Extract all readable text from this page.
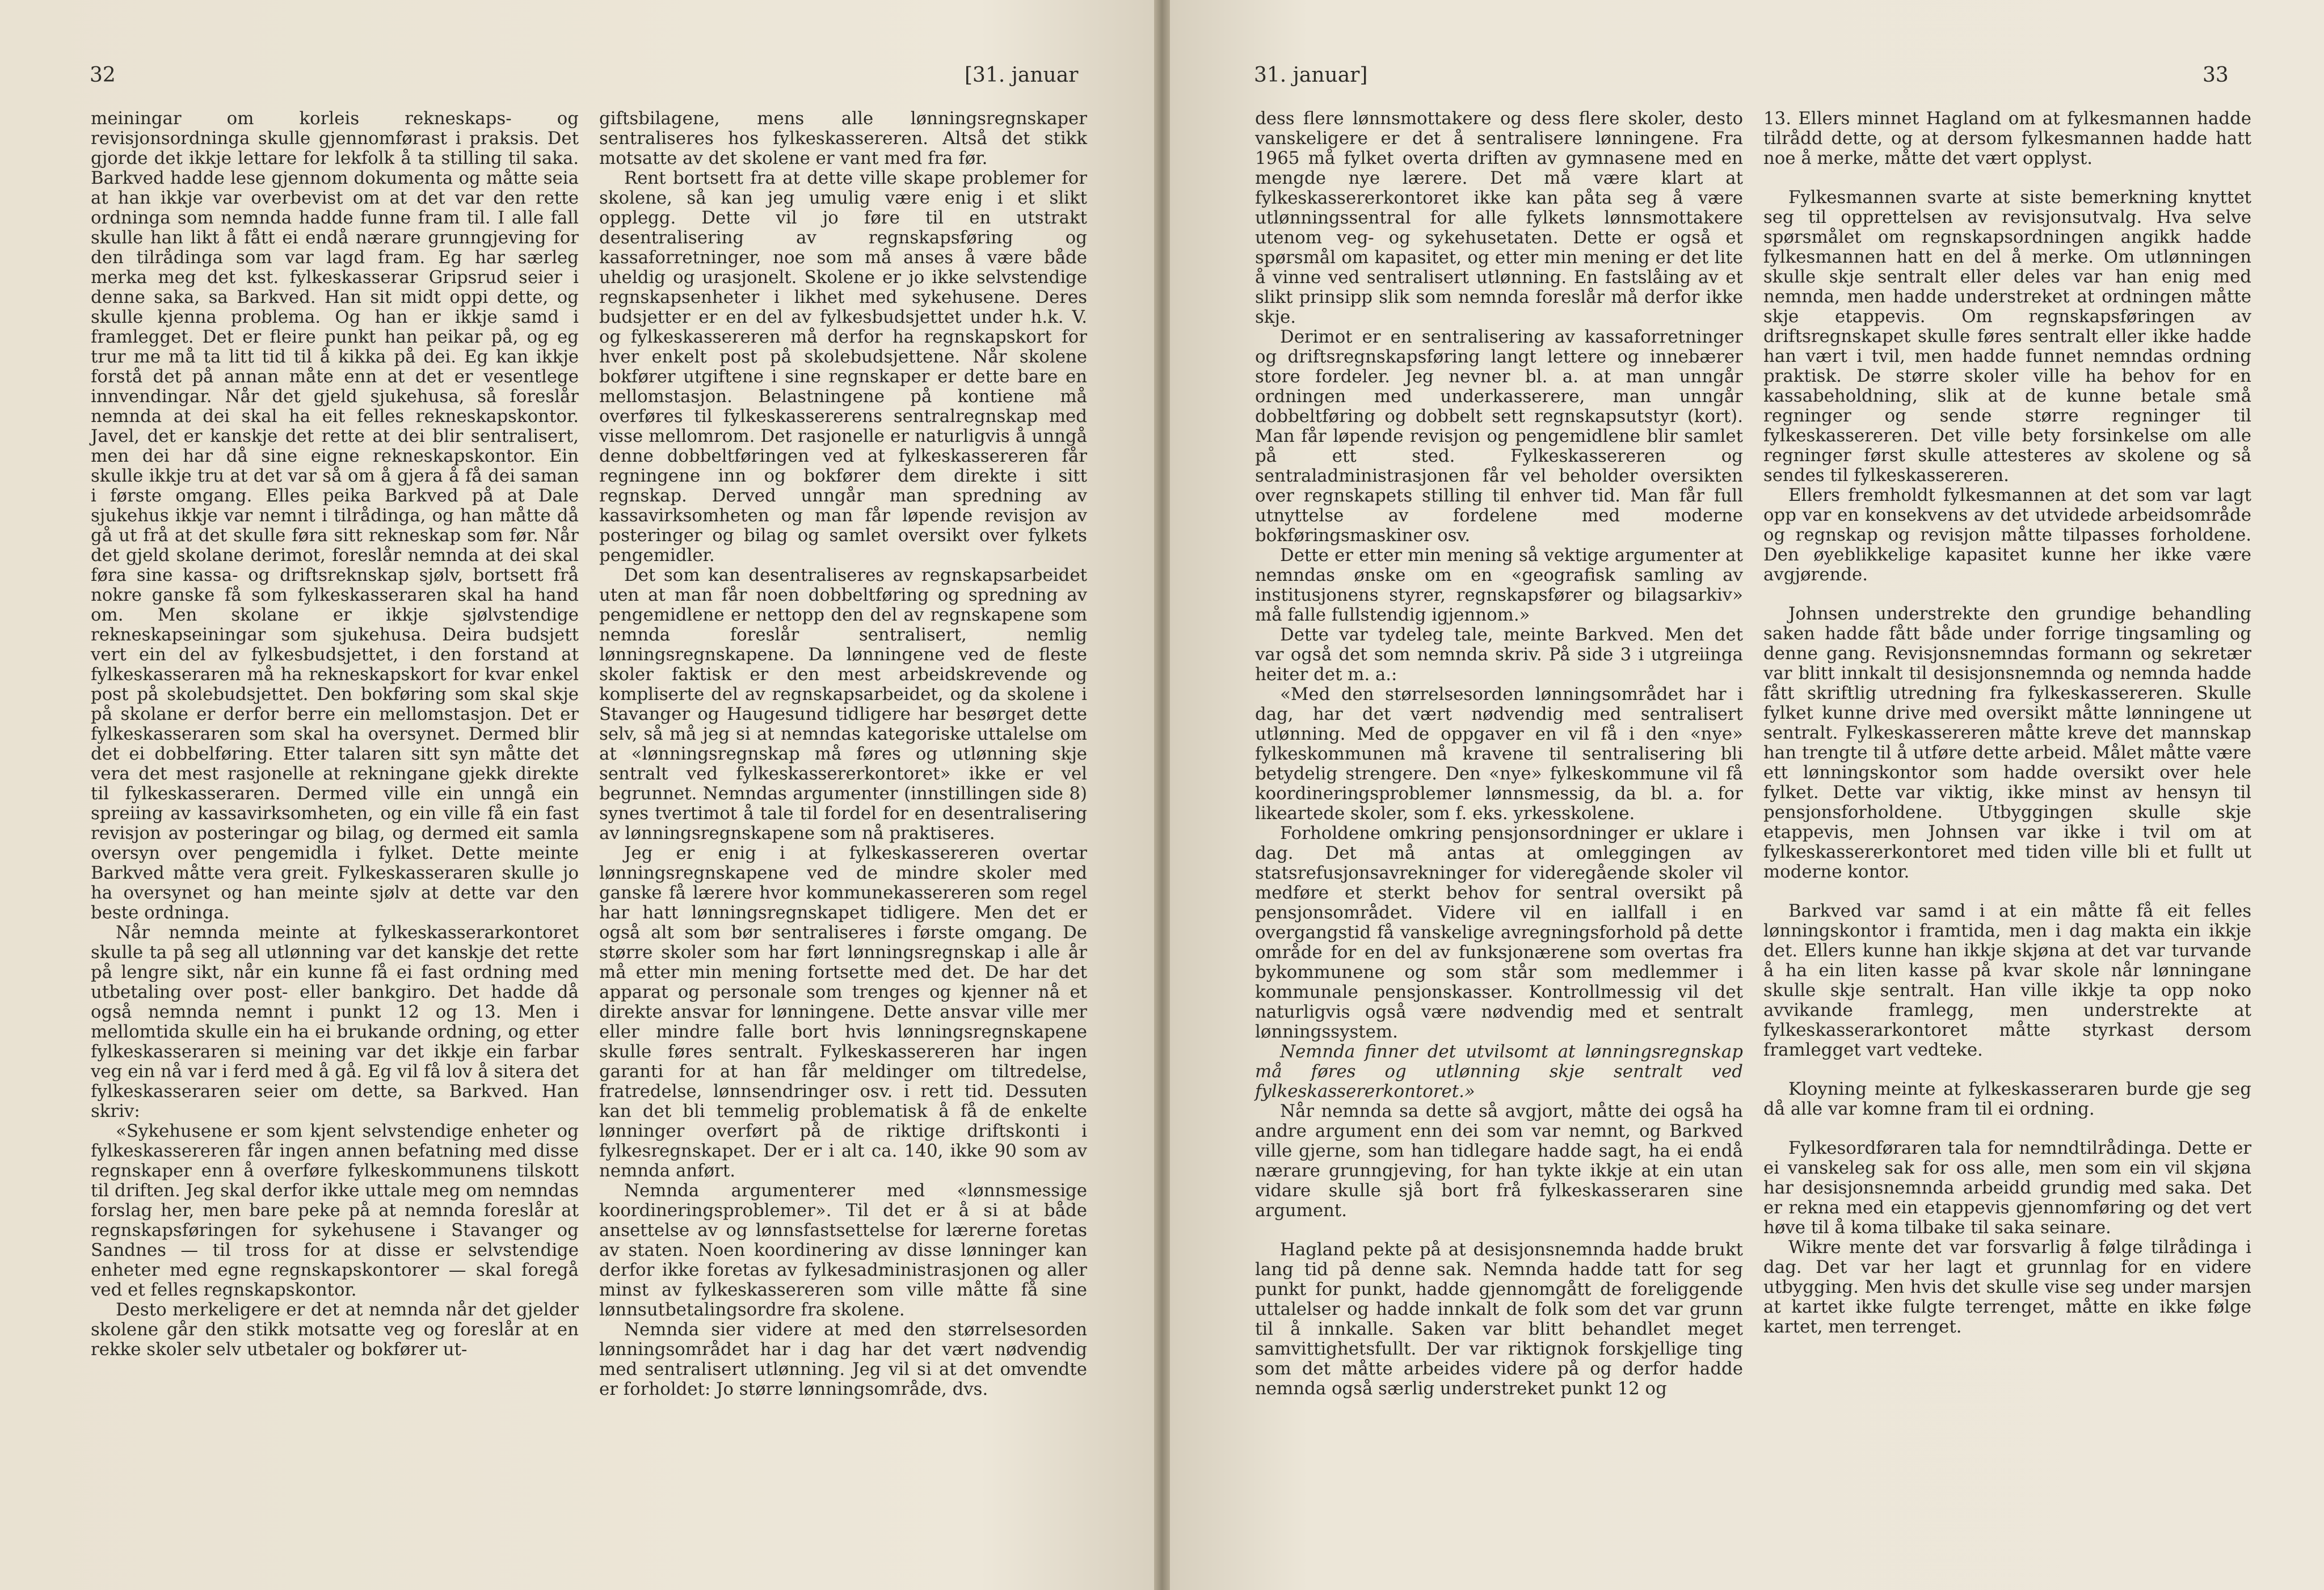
32	[31. januar

meiningar om korleis rekneskaps- og revisjonsordninga skulle gjennomførast i praksis. Det gjorde det ikkje lettare for lekfolk å ta stilling til saka. Barkved hadde lese gjennom dokumenta og måtte seia at han ikkje var overbevist om at det var den rette ordninga som nemnda hadde funne fram til. I alle fall skulle han likt å fått ei endå nærare grunngjeving for den tilrådinga som var lagd fram. Eg har særleg merka meg det kst. fylkeskasserar Gripsrud seier i denne saka, sa Barkved. Han sit midt oppi dette, og skulle kjenna problema. Og han er ikkje samd i framlegget. Det er fleire punkt han peikar på, og eg trur me må ta litt tid til å kikka på dei. Eg kan ikkje forstå det på annan måte enn at det er vesentlege innvendingar. Når det gjeld sjukehusa, så foreslår nemnda at dei skal ha eit felles rekneskapskontor. Javel, det er kanskje det rette at dei blir sentralisert, men dei har då sine eigne rekneskapskontor. Ein skulle ikkje tru at det var så om å gjera å få dei saman i første omgang. Elles peika Barkved på at Dale sjukehus ikkje var nemnt i tilrådinga, og han måtte då gå ut frå at det skulle føra sitt rekneskap som før. Når det gjeld skolane derimot, foreslår nemnda at dei skal føra sine kassa- og driftsreknskap sjølv, bortsett frå nokre ganske få som fylkeskasseraren skal ha hand om. Men skolane er ikkje sjølvstendige rekneskapseiningar som sjukehusa. Deira budsjett vert ein del av fylkesbudsjettet, i den forstand at fylkeskasseraren må ha rekneskapskort for kvar enkel post på skolebudsjettet. Den bokføring som skal skje på skolane er derfor berre ein mellomstasjon. Det er fylkeskasseraren som skal ha oversynet. Dermed blir det ei dobbelføring. Etter talaren sitt syn måtte det vera det mest rasjonelle at rekningane gjekk direkte til fylkeskasseraren. Dermed ville ein unngå ein spreiing av kassavirksomheten, og ein ville få ein fast revisjon av posteringar og bilag, og dermed eit samla oversyn over pengemidla i fylket. Dette meinte Barkved måtte vera greit. Fylkeskasseraren skulle jo ha oversynet og han meinte sjølv at dette var den beste ordninga.

Når nemnda meinte at fylkeskasserarkontoret skulle ta på seg all utlønning var det kanskje det rette på lengre sikt, når ein kunne få ei fast ordning med utbetaling over post- eller bankgiro. Det hadde då også nemnda nemnt i punkt 12 og 13. Men i mellomtida skulle ein ha ei brukande ordning, og etter fylkeskasseraren si meining var det ikkje ein farbar veg ein nå var i ferd med å gå. Eg vil få lov å sitera det fylkeskasseraren seier om dette, sa Barkved. Han skriv:

«Sykehusene er som kjent selvstendige enheter og fylkeskassereren får ingen annen befatning med disse regnskaper enn å overføre fylkeskommunens tilskott til driften. Jeg skal derfor ikke uttale meg om nemndas forslag her, men bare peke på at nemnda foreslår at regnskapsføringen for sykehusene i Stavanger og Sandnes — til tross for at disse er selvstendige enheter med egne regnskapskontorer — skal foregå ved et felles regnskapskontor.

Desto merkeligere er det at nemnda når det gjelder skolene går den stikk motsatte veg og foreslår at en rekke skoler selv utbetaler og bokfører ut-

giftsbilagene, mens alle lønningsregnskaper sentraliseres hos fylkeskassereren. Altså det stikk motsatte av det skolene er vant med fra før.

Rent bortsett fra at dette ville skape problemer for skolene, så kan jeg umulig være enig i et slikt opplegg. Dette vil jo føre til en utstrakt desentralisering av regnskapsføring og kassaforretninger, noe som må anses å være både uheldig og urasjonelt. Skolene er jo ikke selvstendige regnskapsenheter i likhet med sykehusene. Deres budsjetter er en del av fylkesbudsjettet under h.k. V. og fylkeskassereren må derfor ha regnskapskort for hver enkelt post på skolebudsjettene. Når skolene bokfører utgiftene i sine regnskaper er dette bare en mellomstasjon. Belastningene på kontiene må overføres til fylkeskassererens sentralregnskap med visse mellomrom. Det rasjonelle er naturligvis å unngå denne dobbeltføringen ved at fylkeskassereren får regningene inn og bokfører dem direkte i sitt regnskap. Derved unngår man spredning av kassavirksomheten og man får løpende revisjon av posteringer og bilag og samlet oversikt over fylkets pengemidler.

Det som kan desentraliseres av regnskapsarbeidet uten at man får noen dobbeltføring og spredning av pengemidlene er nettopp den del av regnskapene som nemnda foreslår sentralisert, nemlig lønningsregnskapene. Da lønningene ved de fleste skoler faktisk er den mest arbeidskrevende og kompliserte del av regnskapsarbeidet, og da skolene i Stavanger og Haugesund tidligere har besørget dette selv, så må jeg si at nemndas kategoriske uttalelse om at «lønningsregnskap må føres og utlønning skje sentralt ved fylkeskassererkontoret» ikke er vel begrunnet. Nemndas argumenter (innstillingen side 8) synes tvertimot å tale til fordel for en desentralisering av lønningsregnskapene som nå praktiseres.

Jeg er enig i at fylkeskassereren overtar lønningsregnskapene ved de mindre skoler med ganske få lærere hvor kommunekassereren som regel har hatt lønningsregnskapet tidligere. Men det er også alt som bør sentraliseres i første omgang. De større skoler som har ført lønningsregnskap i alle år må etter min mening fortsette med det. De har det apparat og personale som trenges og kjenner nå et direkte ansvar for lønningene. Dette ansvar ville mer eller mindre falle bort hvis lønningsregnskapene skulle føres sentralt. Fylkeskassereren har ingen garanti for at han får meldinger om tiltredelse, fratredelse, lønnsendringer osv. i rett tid. Dessuten kan det bli temmelig problematisk å få de enkelte lønninger overført på de riktige driftskonti i fylkesregnskapet. Der er i alt ca. 140, ikke 90 som av nemnda anført.

Nemnda argumenterer med «lønnsmessige koordineringsproblemer». Til det er å si at både ansettelse av og lønnsfastsettelse for lærerne foretas av staten. Noen koordinering av disse lønninger kan derfor ikke foretas av fylkesadministrasjonen og aller minst av fylkeskassereren som ville måtte få sine lønnsutbetalingsordre fra skolene.

Nemnda sier videre at med den størrelsesorden lønningsområdet har i dag har det vært nødvendig med sentralisert utlønning. Jeg vil si at det omvendte er forholdet: Jo større lønningsområde, dvs.

31. januar]	33

dess flere lønnsmottakere og dess flere skoler, desto vanskeligere er det å sentralisere lønningene. Fra 1965 må fylket overta driften av gymnasene med en mengde nye lærere. Det må være klart at fylkeskassererkontoret ikke kan påta seg å være utlønningssentral for alle fylkets lønnsmottakere utenom veg- og sykehusetaten. Dette er også et spørsmål om kapasitet, og etter min mening er det lite å vinne ved sentralisert utlønning. En fastslåing av et slikt prinsipp slik som nemnda foreslår må derfor ikke skje.

Derimot er en sentralisering av kassaforretninger og driftsregnskapsføring langt lettere og innebærer store fordeler. Jeg nevner bl. a. at man unngår ordningen med underkasserere, man unngår dobbeltføring og dobbelt sett regnskapsutstyr (kort). Man får løpende revisjon og pengemidlene blir samlet på ett sted. Fylkeskassereren og sentraladministrasjonen får vel beholder oversikten over regnskapets stilling til enhver tid. Man får full utnyttelse av fordelene med moderne bokføringsmaskiner osv.

Dette er etter min mening så vektige argumenter at nemndas ønske om en «geografisk samling av institusjonens styrer, regnskapsfører og bilagsarkiv» må falle fullstendig igjennom.»

Dette var tydeleg tale, meinte Barkved. Men det var også det som nemnda skriv. På side 3 i utgreiinga heiter det m. a.:

«Med den størrelsesorden lønningsområdet har i dag, har det vært nødvendig med sentralisert utlønning. Med de oppgaver en vil få i den «nye» fylkeskommunen må kravene til sentralisering bli betydelig strengere. Den «nye» fylkeskommune vil få koordineringsproblemer lønnsmessig, da bl. a. for likeartede skoler, som f. eks. yrkesskolene.

Forholdene omkring pensjonsordninger er uklare i dag. Det må antas at omleggingen av statsrefusjonsavrekninger for videregående skoler vil medføre et sterkt behov for sentral oversikt på pensjonsområdet. Videre vil en iallfall i en overgangstid få vanskelige avregningsforhold på dette område for en del av funksjonærene som overtas fra bykommunene og som står som medlemmer i kommunale pensjonskasser. Kontrollmessig vil det naturligvis også være nødvendig med et sentralt lønningssystem.

Nemnda finner det utvilsomt at lønningsregnskap må føres og utlønning skje sentralt ved fylkeskassererkontoret.»

Når nemnda sa dette så avgjort, måtte dei også ha andre argument enn dei som var nemnt, og Barkved ville gjerne, som han tidlegare hadde sagt, ha ei endå nærare grunngjeving, for han tykte ikkje at ein utan vidare skulle sjå bort frå fylkeskasseraren sine argument.

Hagland pekte på at desisjonsnemnda hadde brukt lang tid på denne sak. Nemnda hadde tatt for seg punkt for punkt, hadde gjennomgått de foreliggende uttalelser og hadde innkalt de folk som det var grunn til å innkalle. Saken var blitt behandlet meget samvittighetsfullt. Der var riktignok forskjellige ting som det måtte arbeides videre på og derfor hadde nemnda også særlig understreket punkt 12 og

13. Ellers minnet Hagland om at fylkesmannen hadde tilrådd dette, og at dersom fylkesmannen hadde hatt noe å merke, måtte det vært opplyst.

Fylkesmannen svarte at siste bemerkning knyttet seg til opprettelsen av revisjonsutvalg. Hva selve spørsmålet om regnskapsordningen angikk hadde fylkesmannen hatt en del å merke. Om utlønningen skulle skje sentralt eller deles var han enig med nemnda, men hadde understreket at ordningen måtte skje etappevis. Om regnskapsføringen av driftsregnskapet skulle føres sentralt eller ikke hadde han vært i tvil, men hadde funnet nemndas ordning praktisk. De større skoler ville ha behov for en kassabeholdning, slik at de kunne betale små regninger og sende større regninger til fylkeskassereren. Det ville bety forsinkelse om alle regninger først skulle attesteres av skolene og så sendes til fylkeskassereren.

Ellers fremholdt fylkesmannen at det som var lagt opp var en konsekvens av det utvidede arbeidsområde og regnskap og revisjon måtte tilpasses forholdene. Den øyeblikkelige kapasitet kunne her ikke være avgjørende.

Johnsen understrekte den grundige behandling saken hadde fått både under forrige tingsamling og denne gang. Revisjonsnemndas formann og sekretær var blitt innkalt til desisjonsnemnda og nemnda hadde fått skriftlig utredning fra fylkeskassereren. Skulle fylket kunne drive med oversikt måtte lønningene ut sentralt. Fylkeskassereren måtte kreve det mannskap han trengte til å utføre dette arbeid. Målet måtte være ett lønningskontor som hadde oversikt over hele fylket. Dette var viktig, ikke minst av hensyn til pensjonsforholdene. Utbyggingen skulle skje etappevis, men Johnsen var ikke i tvil om at fylkeskassererkontoret med tiden ville bli et fullt ut moderne kontor.

Barkved var samd i at ein måtte få eit felles lønningskontor i framtida, men i dag makta ein ikkje det. Ellers kunne han ikkje skjøna at det var turvande å ha ein liten kasse på kvar skole når lønningane skulle skje sentralt. Han ville ikkje ta opp noko avvikande framlegg, men understrekte at fylkeskasserarkontoret måtte styrkast dersom framlegget vart vedteke.

Kloyning meinte at fylkeskasseraren burde gje seg då alle var komne fram til ei ordning.

Fylkesordføraren tala for nemndtilrådinga. Dette er ei vanskeleg sak for oss alle, men som ein vil skjøna har desisjonsnemnda arbeidd grundig med saka. Det er rekna med ein etappevis gjennomføring og det vert høve til å koma tilbake til saka seinare.

Wikre mente det var forsvarlig å følge tilrådinga i dag. Det var her lagt et grunnlag for en videre utbygging. Men hvis det skulle vise seg under marsjen at kartet ikke fulgte terrenget, måtte en ikke følge kartet, men terrenget.
